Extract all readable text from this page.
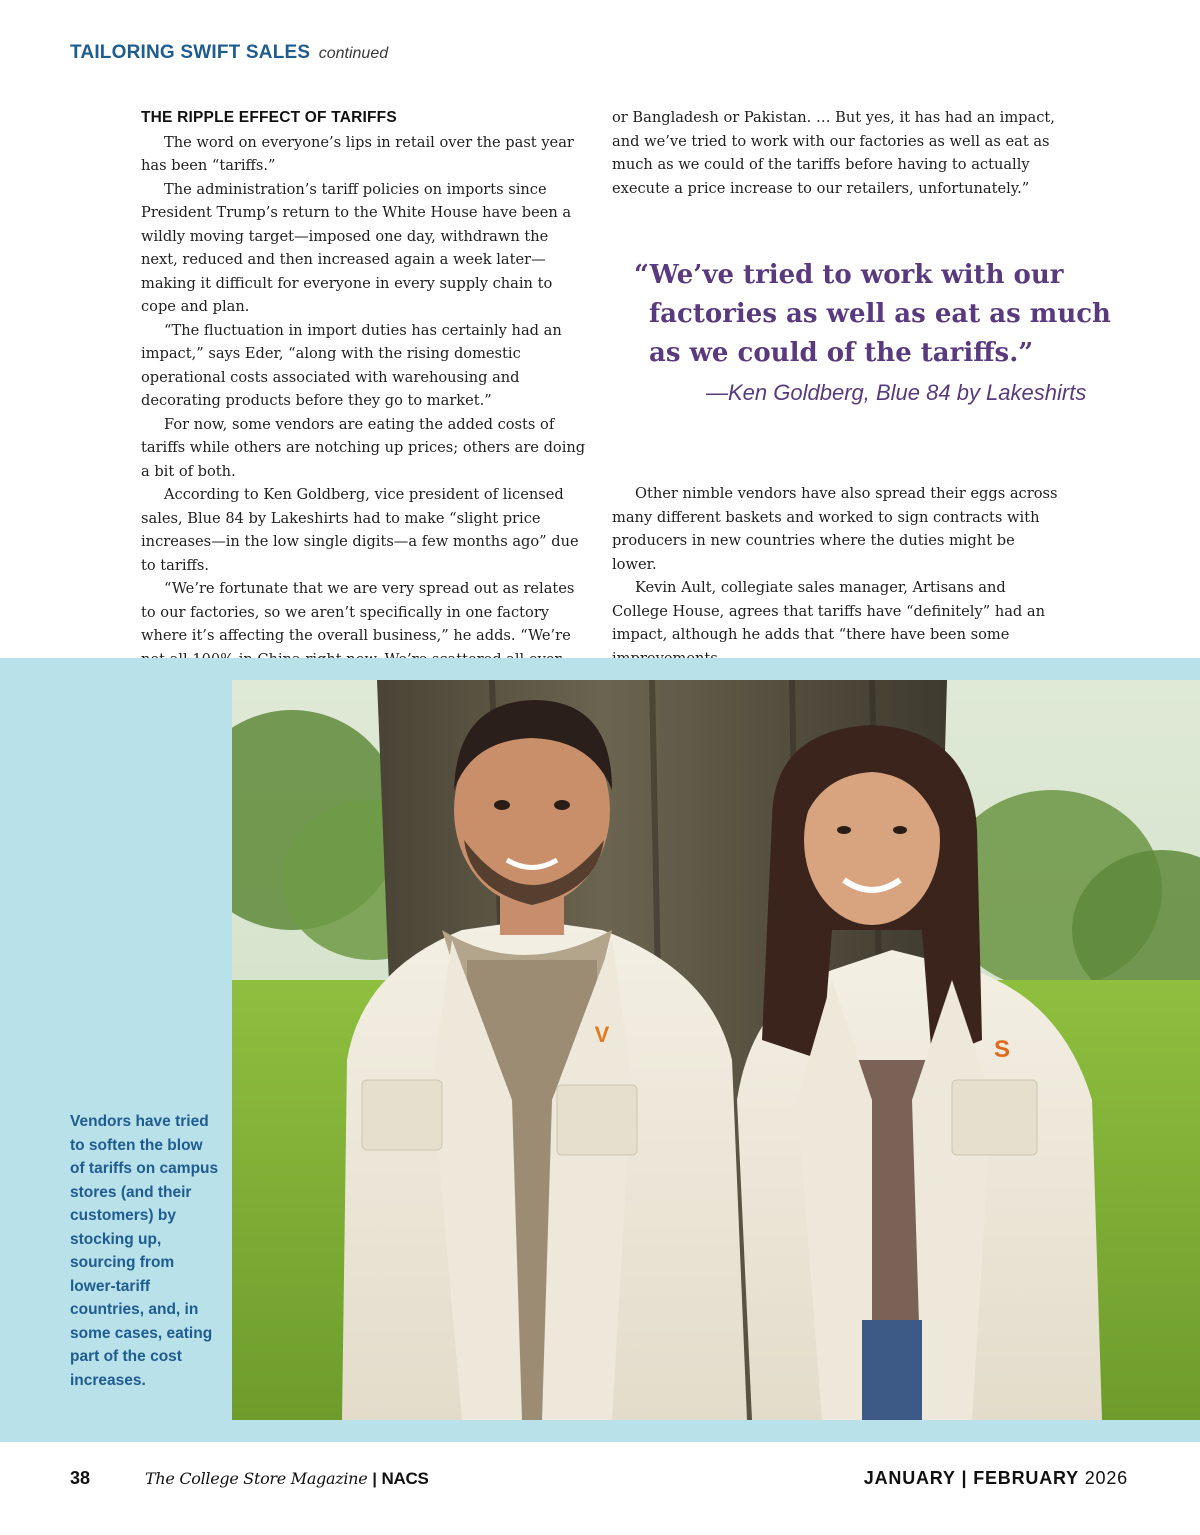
TAILORING SWIFT SALES continued
THE RIPPLE EFFECT OF TARIFFS

The word on everyone’s lips in retail over the past year has been “tariffs.”

The administration’s tariff policies on imports since President Trump’s return to the White House have been a wildly moving target—imposed one day, withdrawn the next, reduced and then increased again a week later—making it difficult for everyone in every supply chain to cope and plan.

“The fluctuation in import duties has certainly had an impact,” says Eder, “along with the rising domestic operational costs associated with warehousing and decorating products before they go to market.”

For now, some vendors are eating the added costs of tariffs while others are notching up prices; others are doing a bit of both.

According to Ken Goldberg, vice president of licensed sales, Blue 84 by Lakeshirts had to make “slight price increases—in the low single digits—a few months ago” due to tariffs.

“We’re fortunate that we are very spread out as relates to our factories, so we aren’t specifically in one factory where it’s affecting the overall business,” he adds. “We’re

or Bangladesh or Pakistan. … But yes, it has had an impact, and we’ve tried to work with our factories as well as eat as much as we could of the tariffs before having to actually execute a price increase to our retailers, unfortunately.”

“We’ve tried to work with our
factories as well as eat as much
as we could of the tariffs.”
—Ken Goldberg, Blue 84 by Lakeshirts

Other nimble vendors have also spread their eggs across many different baskets and worked to sign contracts with producers in new countries where the duties might be lower.

Kevin Ault, collegiate sales manager, Artisans and College House, agrees that tariffs have “definitely” had an impact, although he adds that “there have been some

V
S
Vendors have tried to soften the blow of tariffs on campus stores (and their customers) by stocking up, sourcing from lower-tariff countries, and, in some cases, eating part of the cost increases.
38	The College Store Magazine | NACS	JANUARY | FEBRUARY 2026
